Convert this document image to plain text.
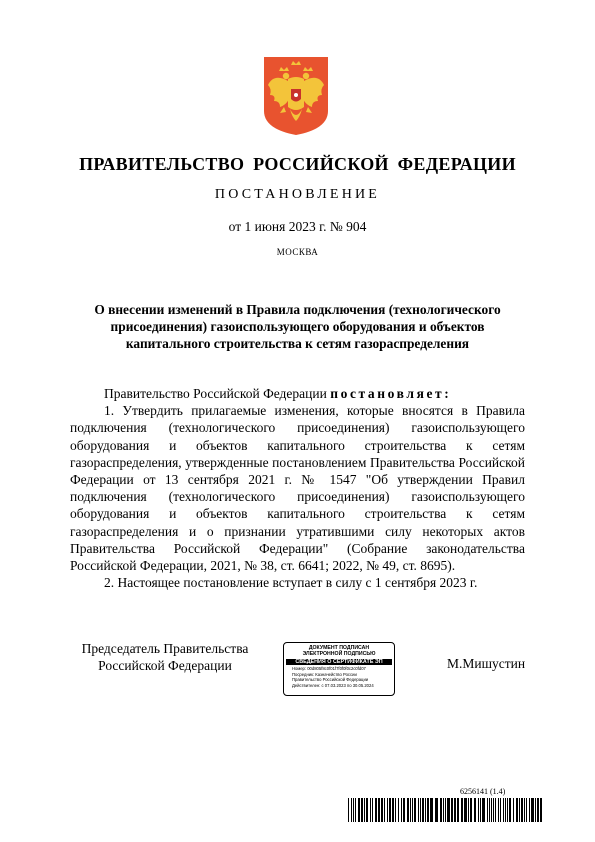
ПРАВИТЕЛЬСТВО РОССИЙСКОЙ ФЕДЕРАЦИИ
ПОСТАНОВЛЕНИЕ
от 1 июня 2023 г. № 904
МОСКВА
О внесении изменений в Правила подключения (технологического присоединения) газоиспользующего оборудования и объектов капитального строительства к сетям газораспределения

Правительство Российской Федерации постановляет:

1. Утвердить прилагаемые изменения, которые вносятся в Правила подключения (технологического присоединения) газоиспользующего оборудования и объектов капитального строительства к сетям газораспределения, утвержденные постановлением Правительства Российской Федерации от 13 сентября 2021 г. № 1547 "Об утверждении Правил подключения (технологического присоединения) газоиспользующего оборудования и объектов капитального строительства к сетям газораспределения и о признании утратившими силу некоторых актов Правительства Российской Федерации" (Собрание законодательства Российской Федерации, 2021, № 38, ст. 6641; 2022, № 49, ст. 8695).

2. Настоящее постановление вступает в силу с 1 сентября 2023 г.

Председатель Правительства
Российской Федерации
ДОКУМЕНТ ПОДПИСАН
ЭЛЕКТРОННОЙ ПОДПИСЬЮ
СВЕДЕНИЯ О СЕРТИФИКАТЕ ЭП
Номер: 00d805f8c0f01f7f0f0f0c2c0fd07
Посредник: Казначейство России
Правительство Российской Федерации
Действителен: с 07.03.2023 по 30.05.2024
М.Мишустин
6256141 (1.4)
